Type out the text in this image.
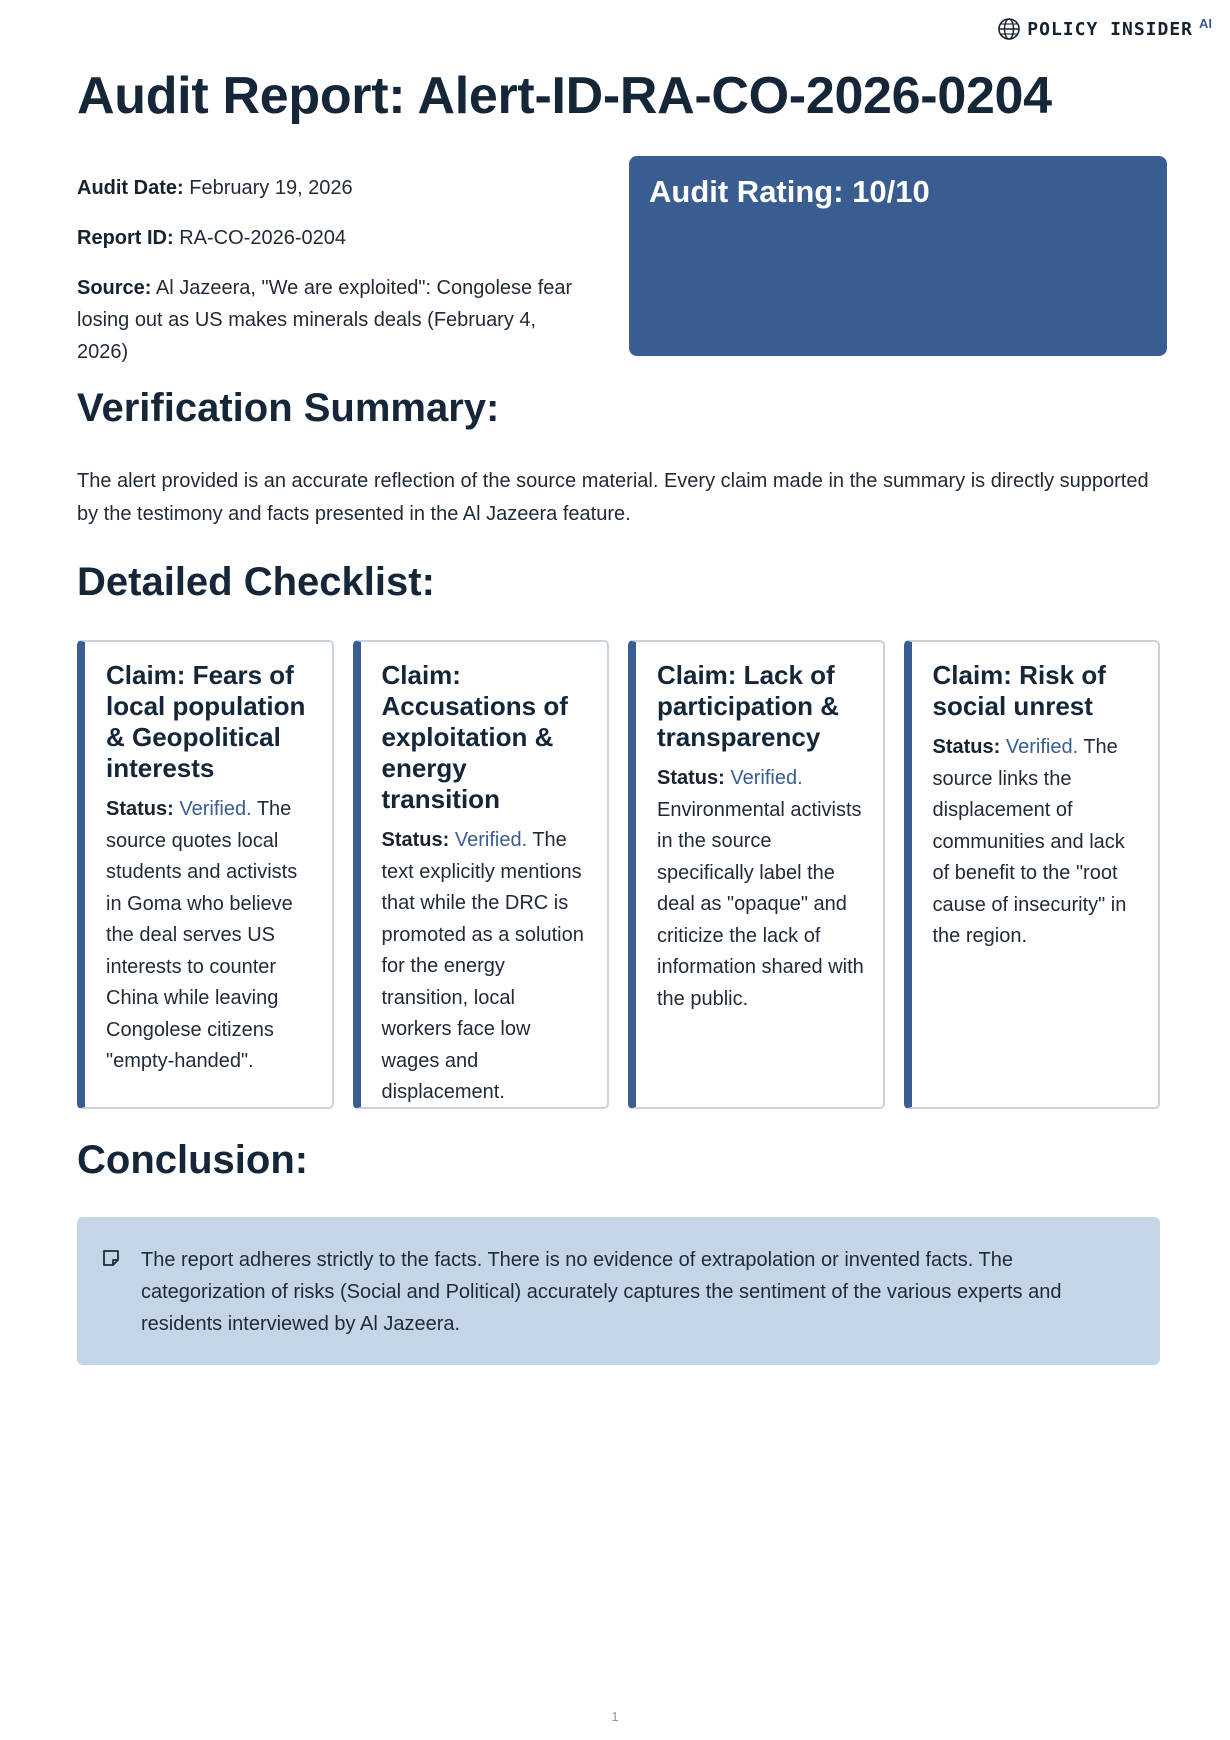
POLICY INSIDER AI
Audit Report: Alert-ID-RA-CO-2026-0204

Audit Date: February 19, 2026

Report ID: RA-CO-2026-0204

Source: Al Jazeera, "We are exploited": Congolese fear losing out as US makes minerals deals (February 4, 2026)

Audit Rating: 10/10
Verification Summary:

The alert provided is an accurate reflection of the source material. Every claim made in the summary is directly supported by the testimony and facts presented in the Al Jazeera feature.

Detailed Checklist:
Claim: Fears of local population & Geopolitical interests
Status: Verified. The source quotes local students and activists in Goma who believe the deal serves US interests to counter China while leaving Congolese citizens "empty-handed".
Claim: Accusations of exploitation & energy transition
Status: Verified. The text explicitly mentions that while the DRC is promoted as a solution for the energy transition, local workers face low wages and displacement.
Claim: Lack of participation & transparency
Status: Verified. Environmental activists in the source specifically label the deal as "opaque" and criticize the lack of information shared with the public.
Claim: Risk of social unrest
Status: Verified. The source links the displacement of communities and lack of benefit to the "root cause of insecurity" in the region.
Conclusion:

The report adheres strictly to the facts. There is no evidence of extrapolation or invented facts. The categorization of risks (Social and Political) accurately captures the sentiment of the various experts and residents interviewed by Al Jazeera.

1
